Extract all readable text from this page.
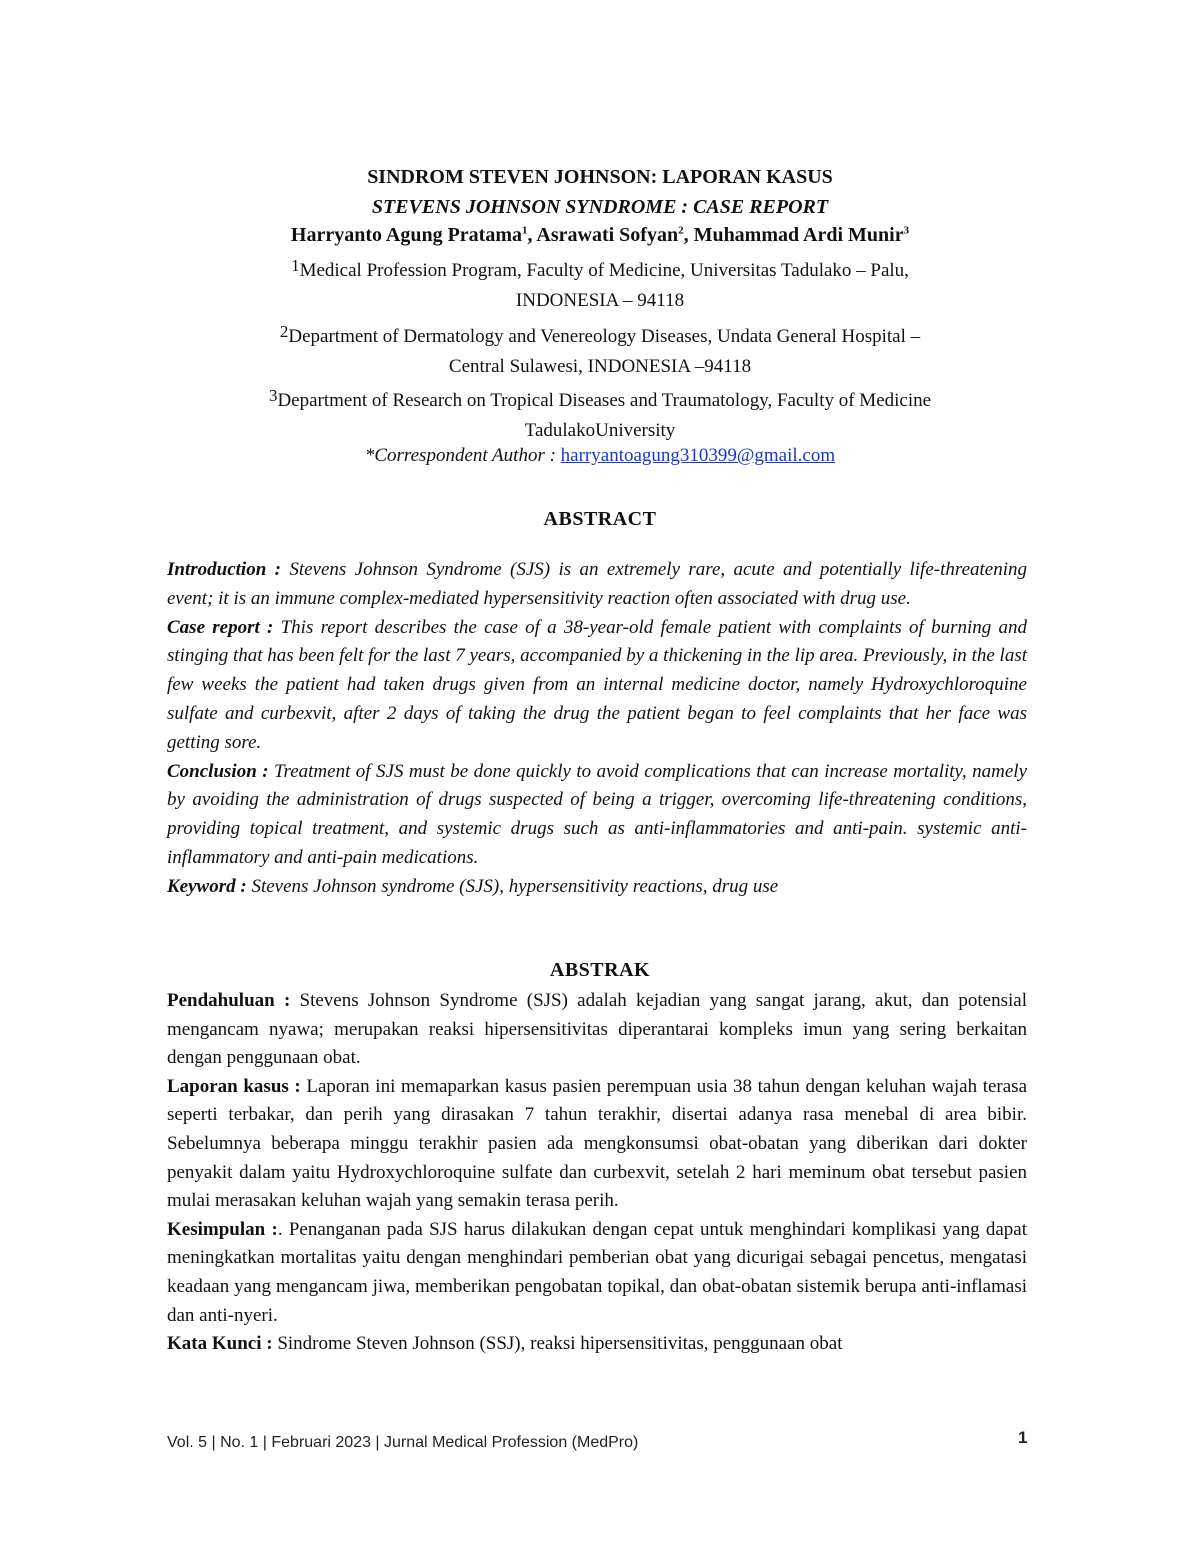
SINDROM STEVEN JOHNSON: LAPORAN KASUS
STEVENS JOHNSON SYNDROME : CASE REPORT
Harryanto Agung Pratama$^1$, Asrawati Sofyan$^2$, Muhammad Ardi Munir$^3$
$^1$Medical Profession Program, Faculty of Medicine, Universitas Tadulako – Palu,
INDONESIA – 94118
$^2$Department of Dermatology and Venereology Diseases, Undata General Hospital –
Central Sulawesi, INDONESIA –94118
$^3$Department of Research on Tropical Diseases and Traumatology, Faculty of Medicine
TadulakoUniversity
*Correspondent Author : harryantoagung310399@gmail.com
ABSTRACT

Introduction : Stevens Johnson Syndrome (SJS) is an extremely rare, acute and potentially life-threatening event; it is an immune complex-mediated hypersensitivity reaction often associated with drug use.

Case report : This report describes the case of a 38-year-old female patient with complaints of burning and stinging that has been felt for the last 7 years, accompanied by a thickening in the lip area. Previously, in the last few weeks the patient had taken drugs given from an internal medicine doctor, namely Hydroxychloroquine sulfate and curbexvit, after 2 days of taking the drug the patient began to feel complaints that her face was getting sore.

Conclusion : Treatment of SJS must be done quickly to avoid complications that can increase mortality, namely by avoiding the administration of drugs suspected of being a trigger, overcoming life-threatening conditions, providing topical treatment, and systemic drugs such as anti-inflammatories and anti-pain. systemic anti-inflammatory and anti-pain medications.

Keyword : Stevens Johnson syndrome (SJS), hypersensitivity reactions, drug use

ABSTRAK

Pendahuluan : Stevens Johnson Syndrome (SJS) adalah kejadian yang sangat jarang, akut, dan potensial mengancam nyawa; merupakan reaksi hipersensitivitas diperantarai kompleks imun yang sering berkaitan dengan penggunaan obat.

Laporan kasus : Laporan ini memaparkan kasus pasien perempuan usia 38 tahun dengan keluhan wajah terasa seperti terbakar, dan perih yang dirasakan 7 tahun terakhir, disertai adanya rasa menebal di area bibir. Sebelumnya beberapa minggu terakhir pasien ada mengkonsumsi obat-obatan yang diberikan dari dokter penyakit dalam yaitu Hydroxychloroquine sulfate dan curbexvit, setelah 2 hari meminum obat tersebut pasien mulai merasakan keluhan wajah yang semakin terasa perih.

Kesimpulan :. Penanganan pada SJS harus dilakukan dengan cepat untuk menghindari komplikasi yang dapat meningkatkan mortalitas yaitu dengan menghindari pemberian obat yang dicurigai sebagai pencetus, mengatasi keadaan yang mengancam jiwa, memberikan pengobatan topikal, dan obat-obatan sistemik berupa anti-inflamasi dan anti-nyeri.

Kata Kunci : Sindrome Steven Johnson (SSJ), reaksi hipersensitivitas, penggunaan obat

Vol. 5 | No. 1 | Februari 2023 | Jurnal Medical Profession (MedPro)	1
